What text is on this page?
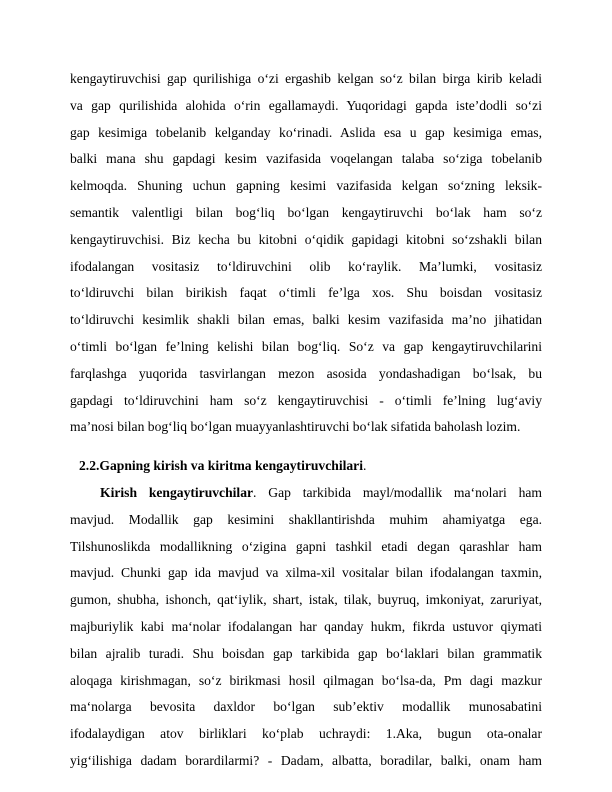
kengaytiruvchisi gap qurilishiga o‘zi ergashib kelgan so‘z bilan birga kirib keladi
va gap qurilishida alohida o‘rin egallamaydi. Yuqoridagi gapda iste’dodli so‘zi
gap kesimiga tobelanib kelganday ko‘rinadi. Aslida esa u gap kesimiga emas,
balki mana shu gapdagi kesim vazifasida voqelangan talaba so‘ziga tobelanib
kelmoqda. Shuning uchun gapning kesimi vazifasida kelgan so‘zning leksik-
semantik valentligi bilan bog‘liq bo‘lgan kengaytiruvchi bo‘lak ham so‘z
kengaytiruvchisi. Biz kecha bu kitobni o‘qidik gapidagi kitobni so‘zshakli bilan
ifodalangan vositasiz to‘ldiruvchini olib ko‘raylik. Ma’lumki, vositasiz
to‘ldiruvchi bilan birikish faqat o‘timli fe’lga xos. Shu boisdan vositasiz
to‘ldiruvchi kesimlik shakli bilan emas, balki kesim vazifasida ma’no jihatidan
o‘timli bo‘lgan fe’lning kelishi bilan bog‘liq. So‘z va gap kengaytiruvchilarini
farqlashga yuqorida tasvirlangan mezon asosida yondashadigan bo‘lsak, bu
gapdagi to‘ldiruvchini ham so‘z kengaytiruvchisi - o‘timli fe’lning lug‘aviy
ma’nosi bilan bog‘liq bo‘lgan muayyanlashtiruvchi bo‘lak sifatida baholash lozim.
2.2.Gapning kirish va kiritma kengaytiruvchilari.
Kirish kengaytiruvchilar. Gap tarkibida mayl/modallik ma‘nolari ham
mavjud. Modallik gap kesimini shakllantirishda muhim ahamiyatga ega.
Tilshunoslikda modallikning o‘zigina gapni tashkil etadi degan qarashlar ham
mavjud. Chunki gap ida mavjud va xilma-xil vositalar bilan ifodalangan taxmin,
gumon, shubha, ishonch, qat‘iylik, shart, istak, tilak, buyruq, imkoniyat, zaruriyat,
majburiylik kabi ma‘nolar ifodalangan har qanday hukm, fikrda ustuvor qiymati
bilan ajralib turadi. Shu boisdan gap tarkibida gap bo‘laklari bilan grammatik
aloqaga kirishmagan, so‘z birikmasi hosil qilmagan bo‘lsa-da, Pm dagi mazkur
ma‘nolarga bevosita daxldor bo‘lgan sub’ektiv modallik munosabatini
ifodalaydigan atov birliklari ko‘plab uchraydi: 1.Aka, bugun ota-onalar
yig‘ilishiga dadam borardilarmi? - Dadam, albatta, boradilar, balki, onam ham
